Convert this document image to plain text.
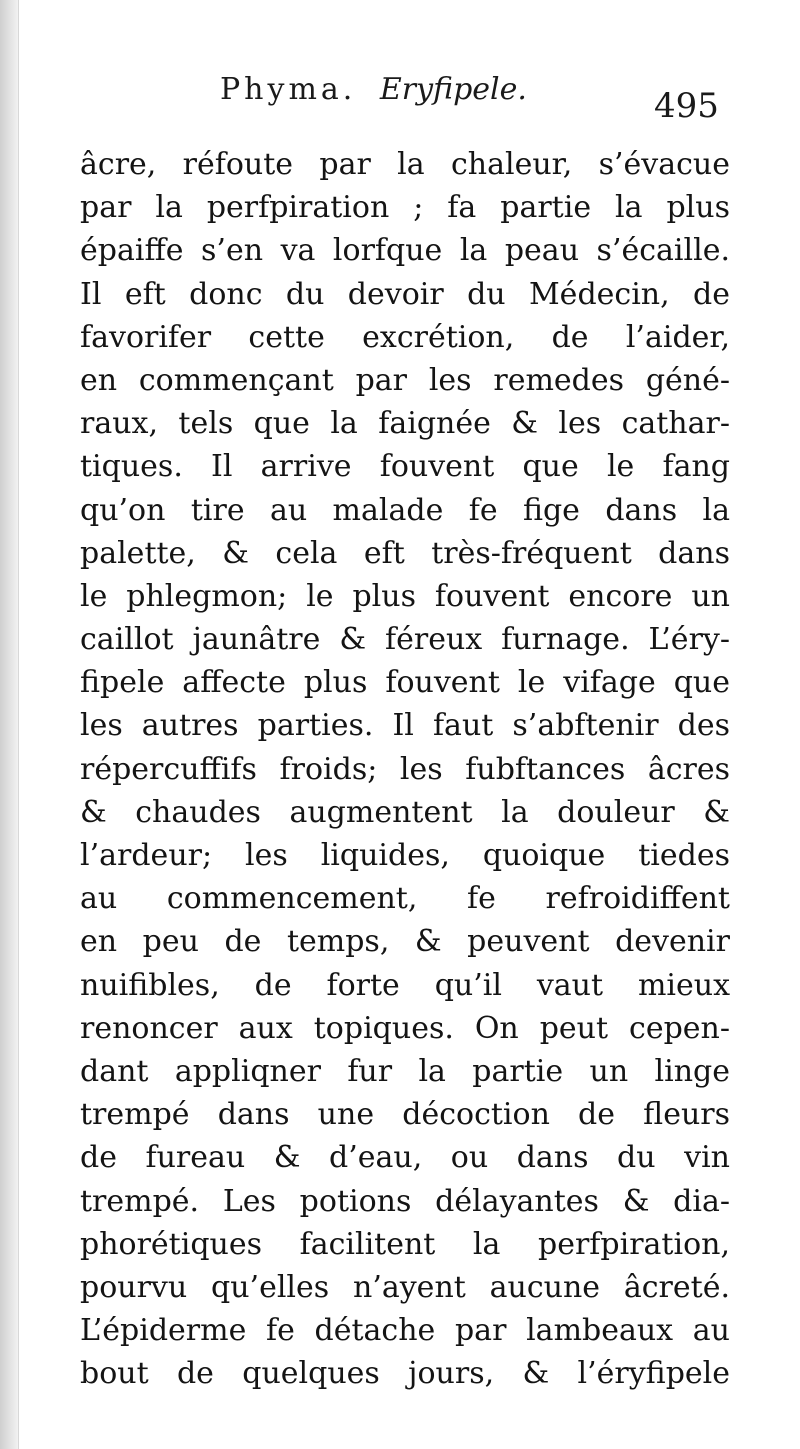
Phyma. Eryfipele.	495
âcre, réfoute par la chaleur, s’évacue
par la perfpiration ; fa partie la plus
épaiffe s’en va lorfque la peau s’écaille.
Il eft donc du devoir du Médecin, de
favorifer cette excrétion, de l’aider,
en commençant par les remedes géné-
raux, tels que la faignée & les cathar-
tiques. Il arrive fouvent que le fang
qu’on tire au malade fe fige dans la
palette, & cela eft très-fréquent dans
le phlegmon; le plus fouvent encore un
caillot jaunâtre & féreux furnage. L’éry-
fipele affecte plus fouvent le vifage que
les autres parties. Il faut s’abftenir des
répercuffifs froids; les fubftances âcres
& chaudes augmentent la douleur &
l’ardeur; les liquides, quoique tiedes
au commencement, fe refroidiffent
en peu de temps, & peuvent devenir
nuifibles, de forte qu’il vaut mieux
renoncer aux topiques. On peut cepen-
dant appliqner fur la partie un linge
trempé dans une décoction de fleurs
de fureau & d’eau, ou dans du vin
trempé. Les potions délayantes & dia-
phorétiques facilitent la perfpiration,
pourvu qu’elles n’ayent aucune âcreté.
L’épiderme fe détache par lambeaux au
bout de quelques jours, & l’éryfipele
